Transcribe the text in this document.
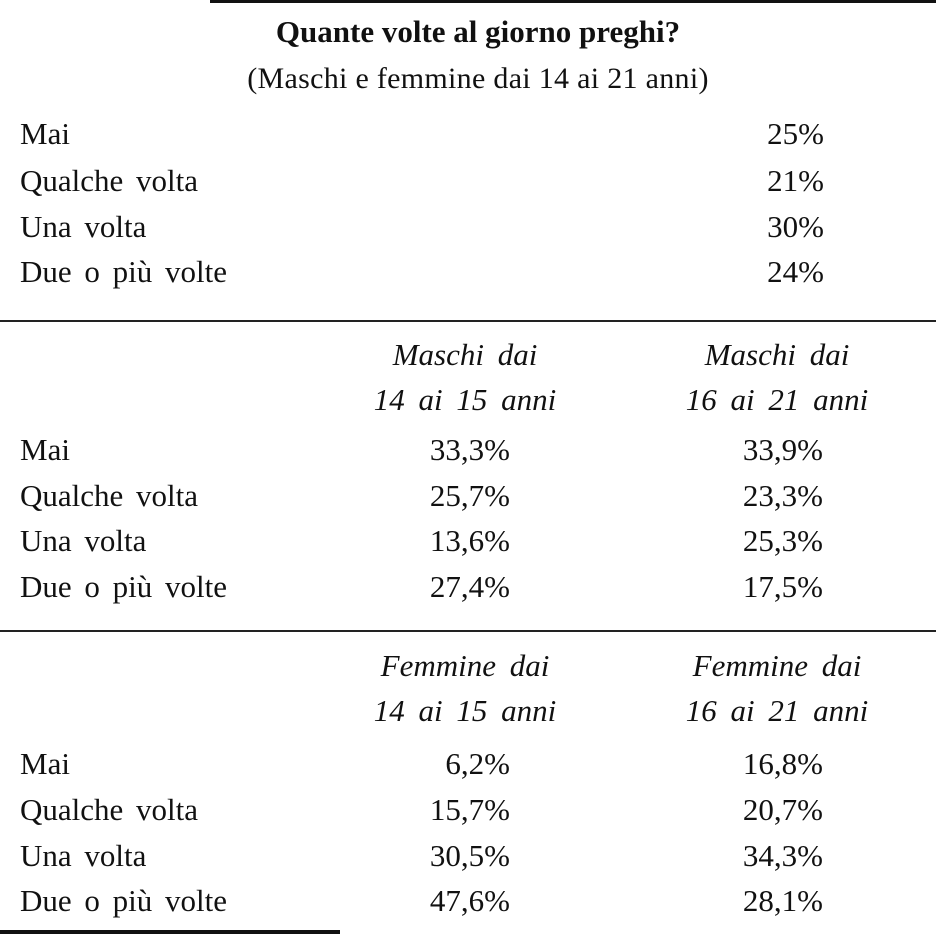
Quante volte al giorno preghi?
(Maschi e femmine dai 14 ai 21 anni)
Mai	25%
Qualche volta	21%
Una volta	30%
Due o più volte	24%
Maschi dai
14 ai 15 anni
Maschi dai
16 ai 21 anni
Mai	33,3%	33,9%
Qualche volta	25,7%	23,3%
Una volta	13,6%	25,3%
Due o più volte	27,4%	17,5%
Femmine dai
14 ai 15 anni
Femmine dai
16 ai 21 anni
Mai	6,2%	16,8%
Qualche volta	15,7%	20,7%
Una volta	30,5%	34,3%
Due o più volte	47,6%	28,1%
